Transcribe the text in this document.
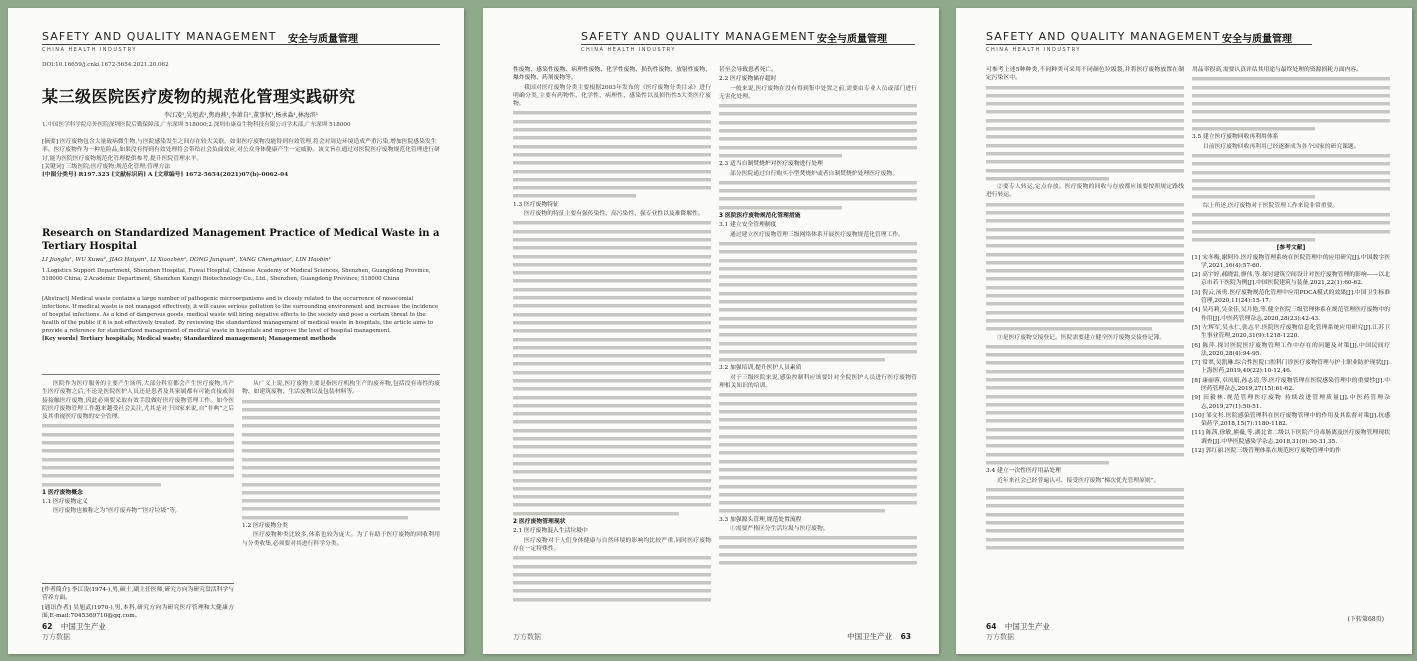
SAFETY AND QUALITY MANAGEMENT 安全与质量管理
CHINA HEALTH INDUSTRY
DOI:10.16659/j.cnki.1672-5654.2021.20.062
某三级医院医疗废物的规范化管理实践研究
李江凌¹,吴旭武²,焦海燕¹,李萧自¹,董事权¹,杨承淼¹,林海滨¹
1.中国医学科学院阜外医院深圳医院后勤保障部,广东深圳 518000;2.深圳市康益生物科技有限公司学术部,广东深圳 518000
[摘要] 医疗废物包含大量致病微生物,与医院感染发生之间存在较大关联。如果医疗废物没能得到有效管理,将会对周边环境造成严重污染,增加医院感染发生率。医疗废物作为一种危险品,如果没有得到有效处理将会带给社会负面效应,对公众身体健康产生一定威胁。该文旨在通过对医院医疗废物规范化管理进行研讨,能为医院医疗废物规范化管理提供参考,提升医院管理水平。
[关键词] 三级医院;医疗废物;规范化管理;管理方法
[中图分类号] R197.323 [文献标识码] A [文章编号] 1672-5654(2021)07(b)-0062-04
Research on Standardized Management Practice of Medical Waste in a Tertiary Hospital
LI Jianglu¹, WU Xuwu², JIAO Haiyan¹, LI Xiaozhen¹, DONG Junquan¹, YANG Chengmiao¹, LIN Haobin¹
1.Logistics Support Department, Shenzhen Hospital, Fuwai Hospital, Chinese Academy of Medical Sciences, Shenzhen, Guangdong Province, 518000 China; 2.Academic Department, Shenzhen Kangyi Biotechnology Co., Ltd., Shenzhen, Guangdong Province, 518000 China
[Abstract] Medical waste contains a large number of pathogenic microorganisms and is closely related to the occurrence of nosocomial infections. If medical waste is not managed effectively, it will cause serious pollution to the surrounding environment and increase the incidence of hospital infections. As a kind of dangerous goods, medical waste will bring negative effects to the society and pose a certain threat to the health of the public if it is not effectively treated. By reviewing the standardized management of medical waste in hospitals, the article aims to provide a reference for standardized management of medical waste in hospitals and improve the level of hospital management.
[Key words] Tertiary hospitals; Medical waste; Standardized management; Management methods

医院作为医疗服务的主要产生场所,大部分科室都会产生医疗废物,当产生医疗废物之后,不论是医院医护人员还是患者及其家属都有可能直接或间接接触医疗废物,因此必须要采取有效手段做好医疗废物管理工作。如今医院医疗废物管理工作越来越受社会关注,尤其是对于国家来说,自“非典”之后及其重视医疗废物的安全管理。

1 医疗废物概念

1.1 医疗废物定义

医疗废物也被称之为“医疗废弃物”“医疗垃圾”等,

[作者简介] 李江凌(1974-),男,硕士,副主任医师,研究方向为研究盘活科学与营养方面。

[通讯作者] 吴旭武(1970-),男,本科,研究方向为研究医疗管理和大健康方面,E-mail:7045369710@qq.com。

从广义上说,医疗废物主要是指医疗机构生产的废弃物,包括没有毒性的废物、如建筑废物、生活废物以及包装材料等。

1.2 医疗废物分类

医疗废物种类比较多,体系也较为庞大。为了有助于医疗废物的回收利用与分类收集,必须要对其进行科学分类。

62 中国卫生产业
万方数据
SAFETY AND QUALITY MANAGEMENT 安全与质量管理
CHINA HEALTH INDUSTRY

性废物、感染性废物、病理性废物、化学性废物、损伤性废物、放射性废物、爆炸废物、药剂废物等。

我国对医疗废物分类主要根据2003年发布的《医疗废物分类目录》进行明确分类,主要有药物性、化学性、病理性、感染性以及损伤性5大类医疗废物。

1.3 医疗废物特征

医疗废物的特征主要有强传染性、高污染性、强专业性以及难降解性。

2 医疗废物管理现状

2.1 医疗废物混入生活垃圾中

医疗废物对于人们身体健康与自然环境的影响均比较严重,同时医疗废物存在一定特殊性。

甚至会导致患者死亡。

2.2 医疗废物储存超时

一般来说,医疗废物在没有得到集中处置之前,需要由专业人员或部门进行无害化处理。

2.3 适当自制焚烧炉对医疗废物进行处理

部分医院通过自行购买小型焚烧炉或者自制焚烧炉处理医疗废物。

3 医院医疗废物规范化管理措施

3.1 建立安全管理制度

通过建立医疗废物管理三级网络体系开展医疗废物规范化管理工作。

3.2 加强培训,提升医护人员素质

对于三级医院来说,感染控制科应该要针对全院医护人员进行医疗废物管理相关知识的培训。

3.3 加强源头管理,规范处置流程

①需要严格区分生活垃圾与医疗废物。

中国卫生产业 63
万方数据
SAFETY AND QUALITY MANAGEMENT 安全与质量管理
CHINA HEALTH INDUSTRY

可参考上述5种种类,不同种类可采用不同颜色垃圾袋,并将医疗废物放置在制定污染区中。

②要专人转运,定点存放。医疗废物的回收与存放都应该要按照规定路线进行转运。

③是医疗废物交接登记。医院需要建立健全医疗废物交接登记簿。

3.4 建立一次性医疗用品处理

近年来社会已经普遍认可、接受医疗废物“梯次优先管理原则”。

用品率很高,需要认真评估其用途与最终处理的资源损耗方面内容。

3.5 建立医疗废物回收再利用体系

目前医疗废物回收再利用已经逐渐成为各个国家的研究课题。

综上所述,医疗废物对于医院管理工作来说非常重要。

[参考文献]

[1] 宋冬梅,谢阿玲.医疗废物管理系统在医院管理中的应用研究[J].中国数字医学,2021,16(4):57-60.

[2] 高宇婷,郝晓雷,廖伟,等.探讨建筑空间设计对医疗废物管理的影响——以北京市若干医院为例[J].中国医院建筑与装备,2021,22(1):60-62.

[3] 倪云,汤勇.医疗废物规范化管理中应用PDCA模式的效果[J].中国卫生标准管理,2020,11(24):15-17.

[4] 吴巧莉,吴金佳,吴月艳,等.健全医院三级管理体系在规范管理医疗废物中的作用[J].中医药管理杂志,2020,28(23):42-43.

[5] 左辉军,吴永仁,张志平.医院医疗废物信息化管理系统应用研究[J].江苏卫生事业管理,2020,31(9):1218-1220.

[6] 陈萍.探讨医院医疗废物管理工作中存在的问题及对策[J].中国民间疗法,2020,28(4):94-95.

[7] 常翠,吴凯琳.综合性医院口腔科门诊医疗废物管理与护士职业防护现状[J].上海医药,2019,40(22):10-12,46.

[8] 康丽蓉,卓凤娟,孙志清,等.医疗废物管理在医院感染管理中的重要性[J].中医药管理杂志,2019,27(15):61-62.

[9] 田毅林.规范管理医疗废物 持续改进管理质量[J].中医药管理杂志,2019,27(1):50-51.

[10] 邹文杉.医院感染管理科在医疗废物管理中的作用及其监督对策[J].抗感染药学,2018,15(7):1180-1182.

[11] 陈茜,徐敏,熊薇,等.湖北省二级以下医院产房毒肠离及医疗废物管理现状调查[J].中华医院感染学杂志,2018,31(9):30-31,35.

[12] 郭红丽.医院三级管理体系在规范医疗废物管理中的作

(下转第68页)
64 中国卫生产业
万方数据
